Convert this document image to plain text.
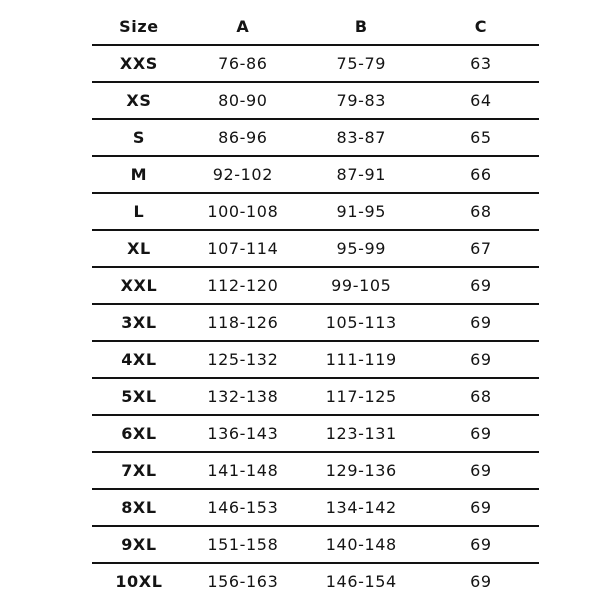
Size	A	B	C
XXS	76-86	75-79	63
XS	80-90	79-83	64
S	86-96	83-87	65
M	92-102	87-91	66
L	100-108	91-95	68
XL	107-114	95-99	67
XXL	112-120	99-105	69
3XL	118-126	105-113	69
4XL	125-132	111-119	69
5XL	132-138	117-125	68
6XL	136-143	123-131	69
7XL	141-148	129-136	69
8XL	146-153	134-142	69
9XL	151-158	140-148	69
10XL	156-163	146-154	69
